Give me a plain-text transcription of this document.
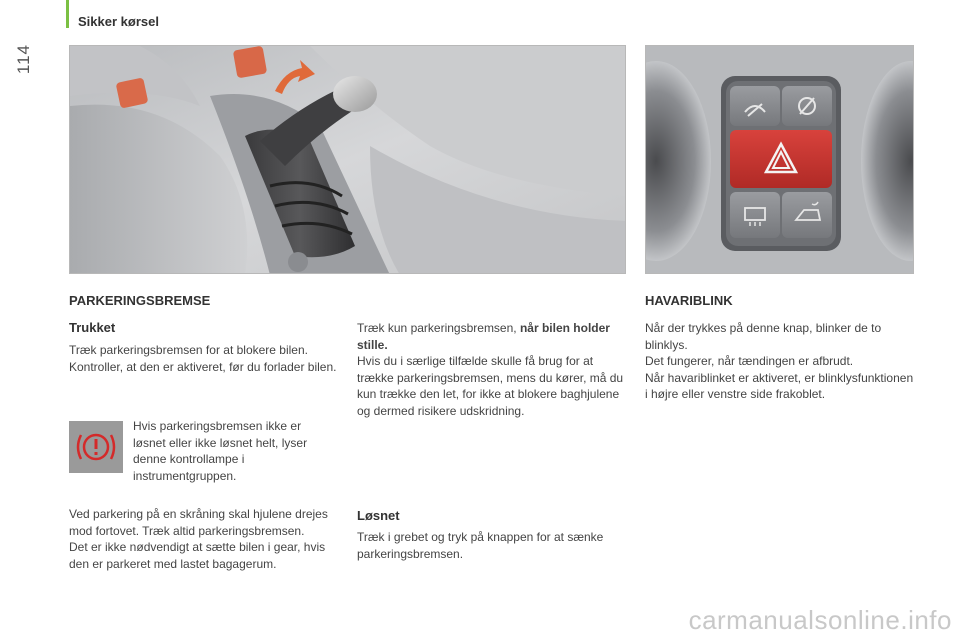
114
Sikker kørsel
PARKERINGSBREMSE
Trukket

Træk parkeringsbremsen for at blokere bilen.

Kontroller, at den er aktiveret, før du forlader bilen.

Hvis parkeringsbremsen ikke er løsnet eller ikke løsnet helt, lyser denne kontrollampe i instrumentgruppen.

Ved parkering på en skråning skal hjulene drejes mod fortovet. Træk altid parkeringsbremsen.

Det er ikke nødvendigt at sætte bilen i gear, hvis den er parkeret med lastet bagagerum.

Træk kun parkeringsbremsen, når bilen holder stille.

Hvis du i særlige tilfælde skulle få brug for at trække parkeringsbremsen, mens du kører, må du kun trække den let, for ikke at blokere baghjulene og dermed risikere udskridning.

Løsnet
Træk i grebet og tryk på knappen for at sænke parkeringsbremsen.
HAVARIBLINK

Når der trykkes på denne knap, blinker de to blinklys.

Det fungerer, når tændingen er afbrudt.

Når havariblinket er aktiveret, er blinklysfunktionen i højre eller venstre side frakoblet.

carmanualsonline.info
